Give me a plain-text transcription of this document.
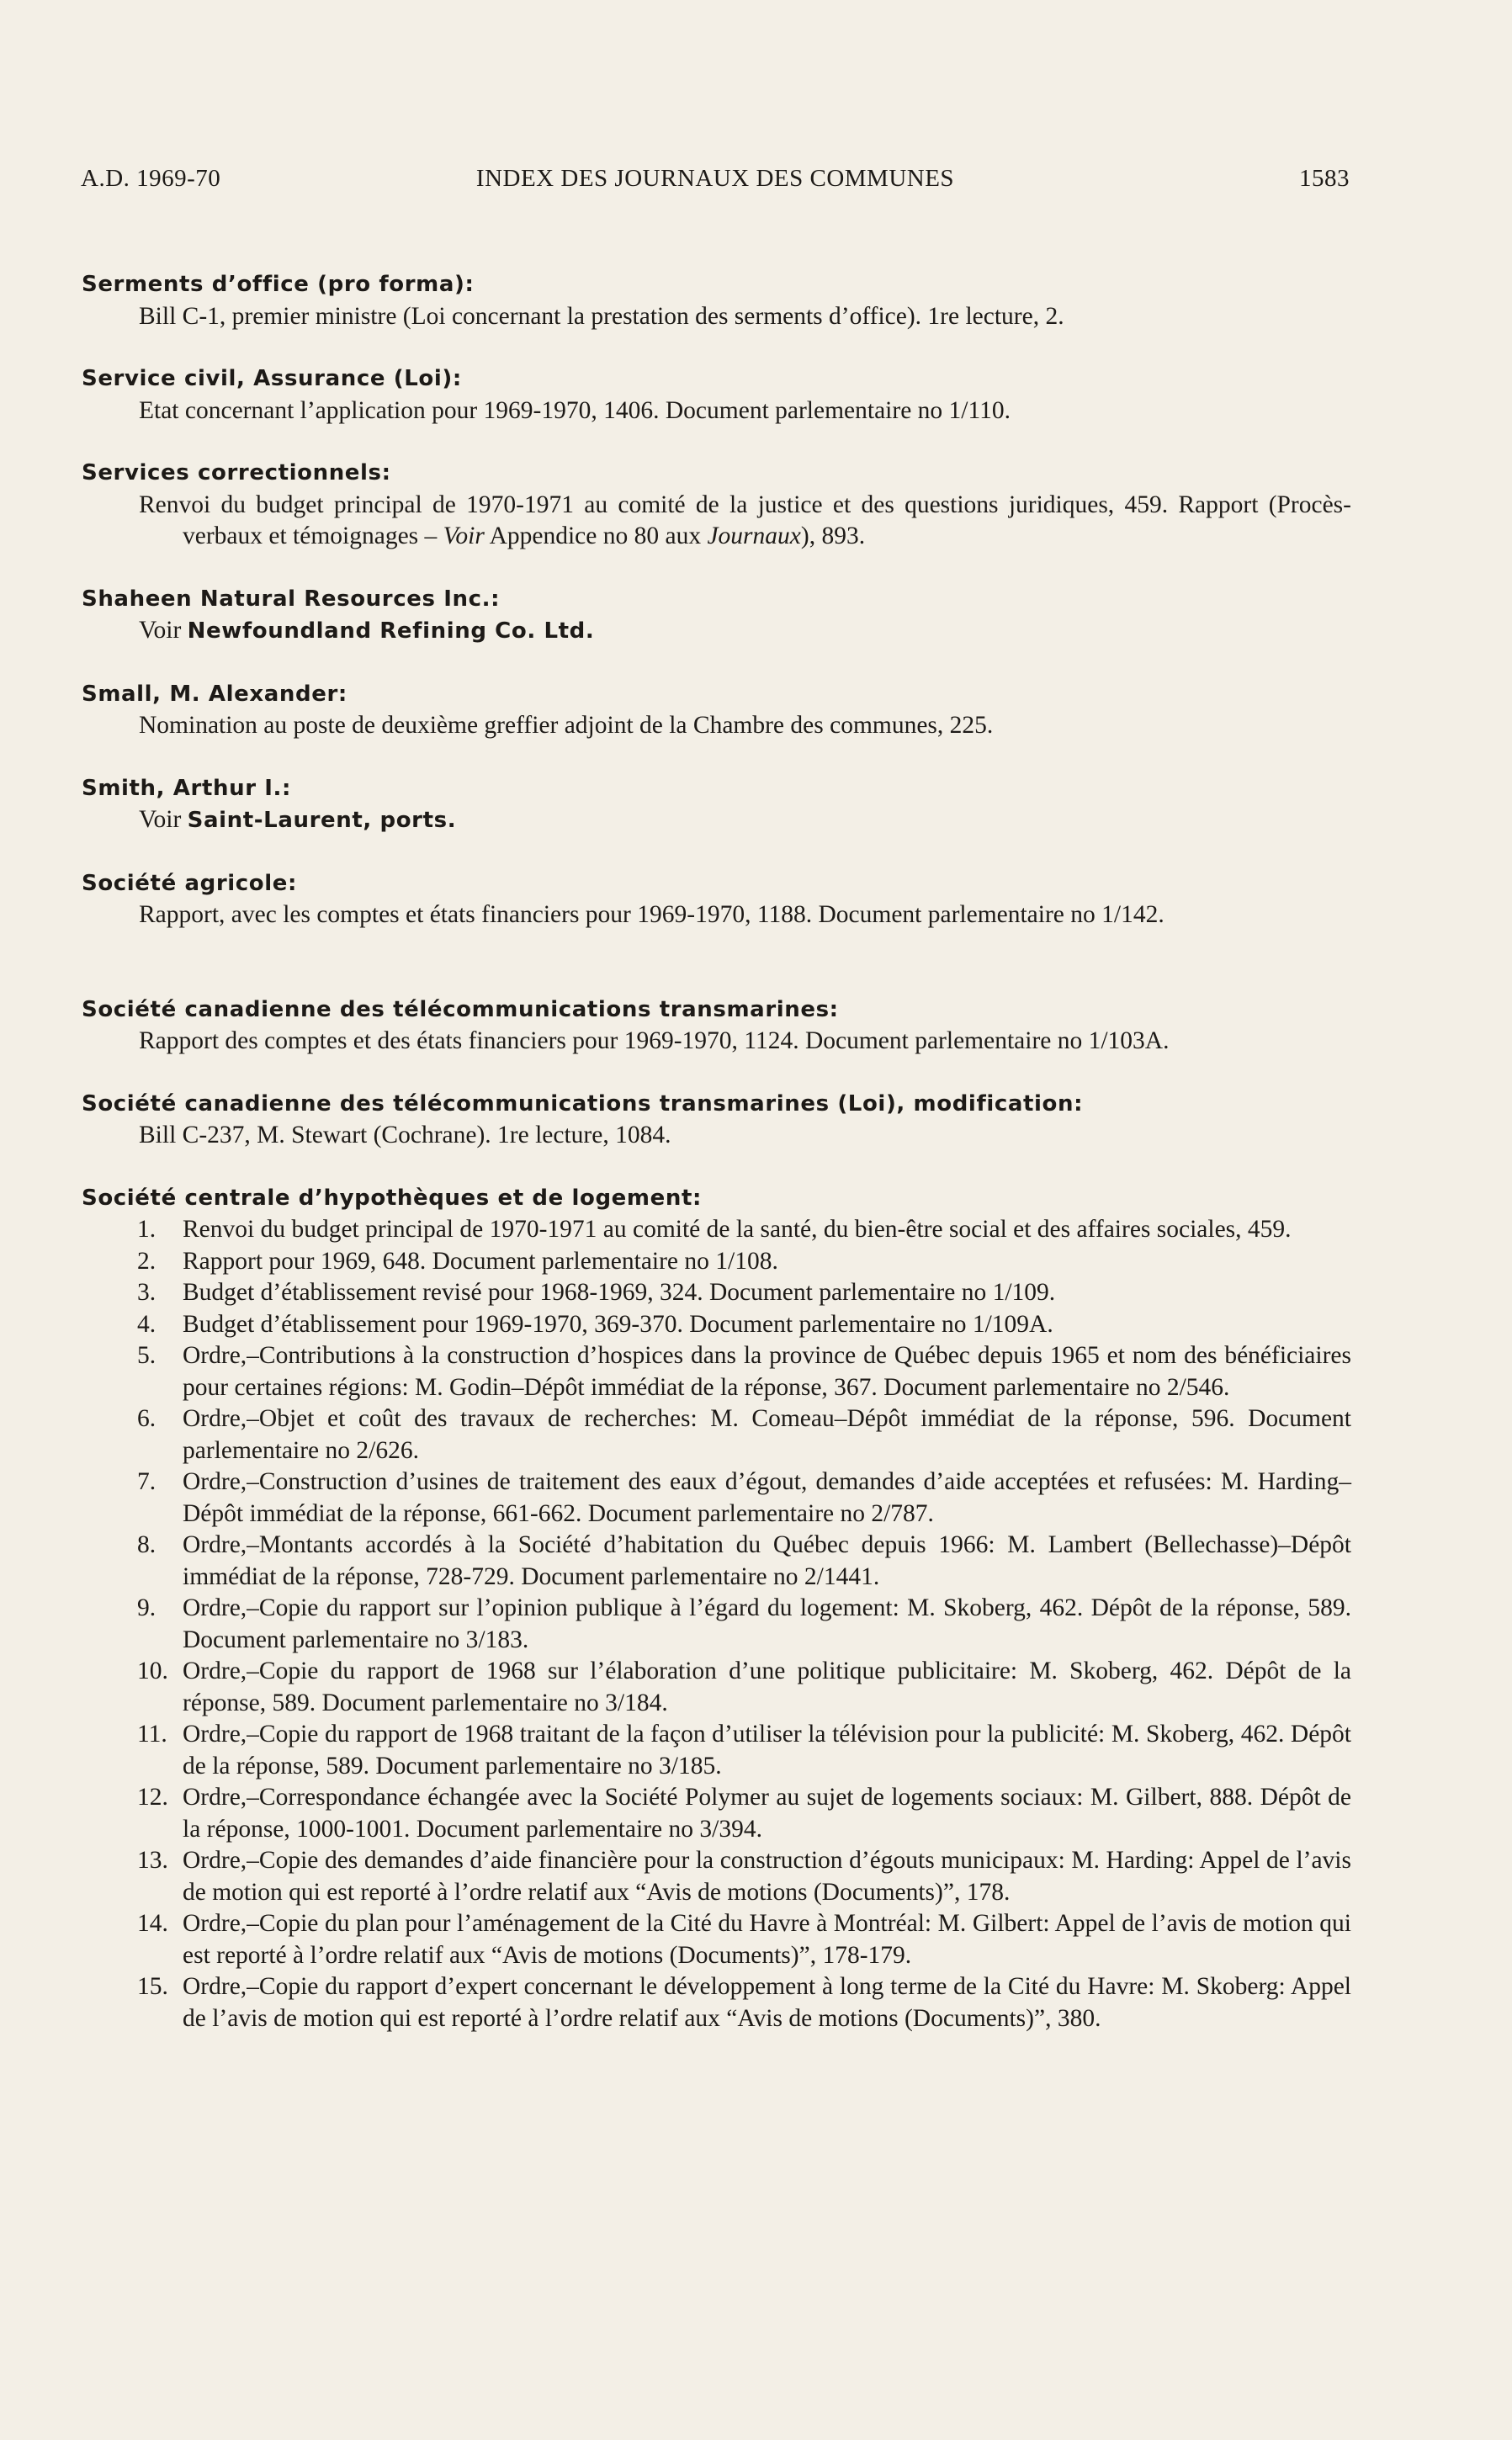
A.D. 1969-70	INDEX DES JOURNAUX DES COMMUNES	1583
Serments d’office (pro forma):
Bill C-1, premier ministre (Loi concernant la prestation des serments d’office). 1re lecture, 2.
Service civil, Assurance (Loi):
Etat concernant l’application pour 1969-1970, 1406. Document parlementaire no 1/110.
Services correctionnels:
Renvoi du budget principal de 1970-1971 au comité de la justice et des questions juridiques, 459. Rapport (Procès-verbaux et témoignages – Voir Appendice no 80 aux Journaux), 893.
Shaheen Natural Resources Inc.:
Voir Newfoundland Refining Co. Ltd.
Small, M. Alexander:
Nomination au poste de deuxième greffier adjoint de la Chambre des communes, 225.
Smith, Arthur I.:
Voir Saint-Laurent, ports.
Société agricole:
Rapport, avec les comptes et états financiers pour 1969-1970, 1188. Document parlementaire no 1/142.
Société canadienne des télécommunications transmarines:
Rapport des comptes et des états financiers pour 1969-1970, 1124. Document parlementaire no 1/103A.
Société canadienne des télécommunications transmarines (Loi), modification:
Bill C-237, M. Stewart (Cochrane). 1re lecture, 1084.
Société centrale d’hypothèques et de logement:
1.	Renvoi du budget principal de 1970-1971 au comité de la santé, du bien-être social et des affaires sociales, 459.
2.	Rapport pour 1969, 648. Document parlementaire no 1/108.
3.	Budget d’établissement revisé pour 1968-1969, 324. Document parlementaire no 1/109.
4.	Budget d’établissement pour 1969-1970, 369-370. Document parlementaire no 1/109A.
5.	Ordre,–Contributions à la construction d’hospices dans la province de Québec depuis 1965 et nom des bénéficiaires pour certaines régions: M. Godin–Dépôt immédiat de la réponse, 367. Document parlementaire no 2/546.
6.	Ordre,–Objet et coût des travaux de recherches: M. Comeau–Dépôt immédiat de la réponse, 596. Document parlementaire no 2/626.
7.	Ordre,–Construction d’usines de traitement des eaux d’égout, demandes d’aide acceptées et refusées: M. Harding–Dépôt immédiat de la réponse, 661-662. Document parlementaire no 2/787.
8.	Ordre,–Montants accordés à la Société d’habitation du Québec depuis 1966: M. Lambert (Bellechasse)–Dépôt immédiat de la réponse, 728-729. Document parlementaire no 2/1441.
9.	Ordre,–Copie du rapport sur l’opinion publique à l’égard du logement: M. Skoberg, 462. Dépôt de la réponse, 589. Document parlementaire no 3/183.
10. Ordre,–Copie du rapport de 1968 sur l’élaboration d’une politique publicitaire: M. Skoberg, 462. Dépôt de la réponse, 589. Document parlementaire no 3/184.
11. Ordre,–Copie du rapport de 1968 traitant de la façon d’utiliser la télévision pour la publicité: M. Skoberg, 462. Dépôt de la réponse, 589. Document parlementaire no 3/185.
12. Ordre,–Correspondance échangée avec la Société Polymer au sujet de logements sociaux: M. Gilbert, 888. Dépôt de la réponse, 1000-1001. Document parlementaire no 3/394.
13. Ordre,–Copie des demandes d’aide financière pour la construction d’égouts municipaux: M. Harding: Appel de l’avis de motion qui est reporté à l’ordre relatif aux “Avis de motions (Documents)”, 178.
14. Ordre,–Copie du plan pour l’aménagement de la Cité du Havre à Montréal: M. Gilbert: Appel de l’avis de motion qui est reporté à l’ordre relatif aux “Avis de motions (Documents)”, 178-179.
15. Ordre,–Copie du rapport d’expert concernant le développement à long terme de la Cité du Havre: M. Skoberg: Appel de l’avis de motion qui est reporté à l’ordre relatif aux “Avis de motions (Documents)”, 380.
